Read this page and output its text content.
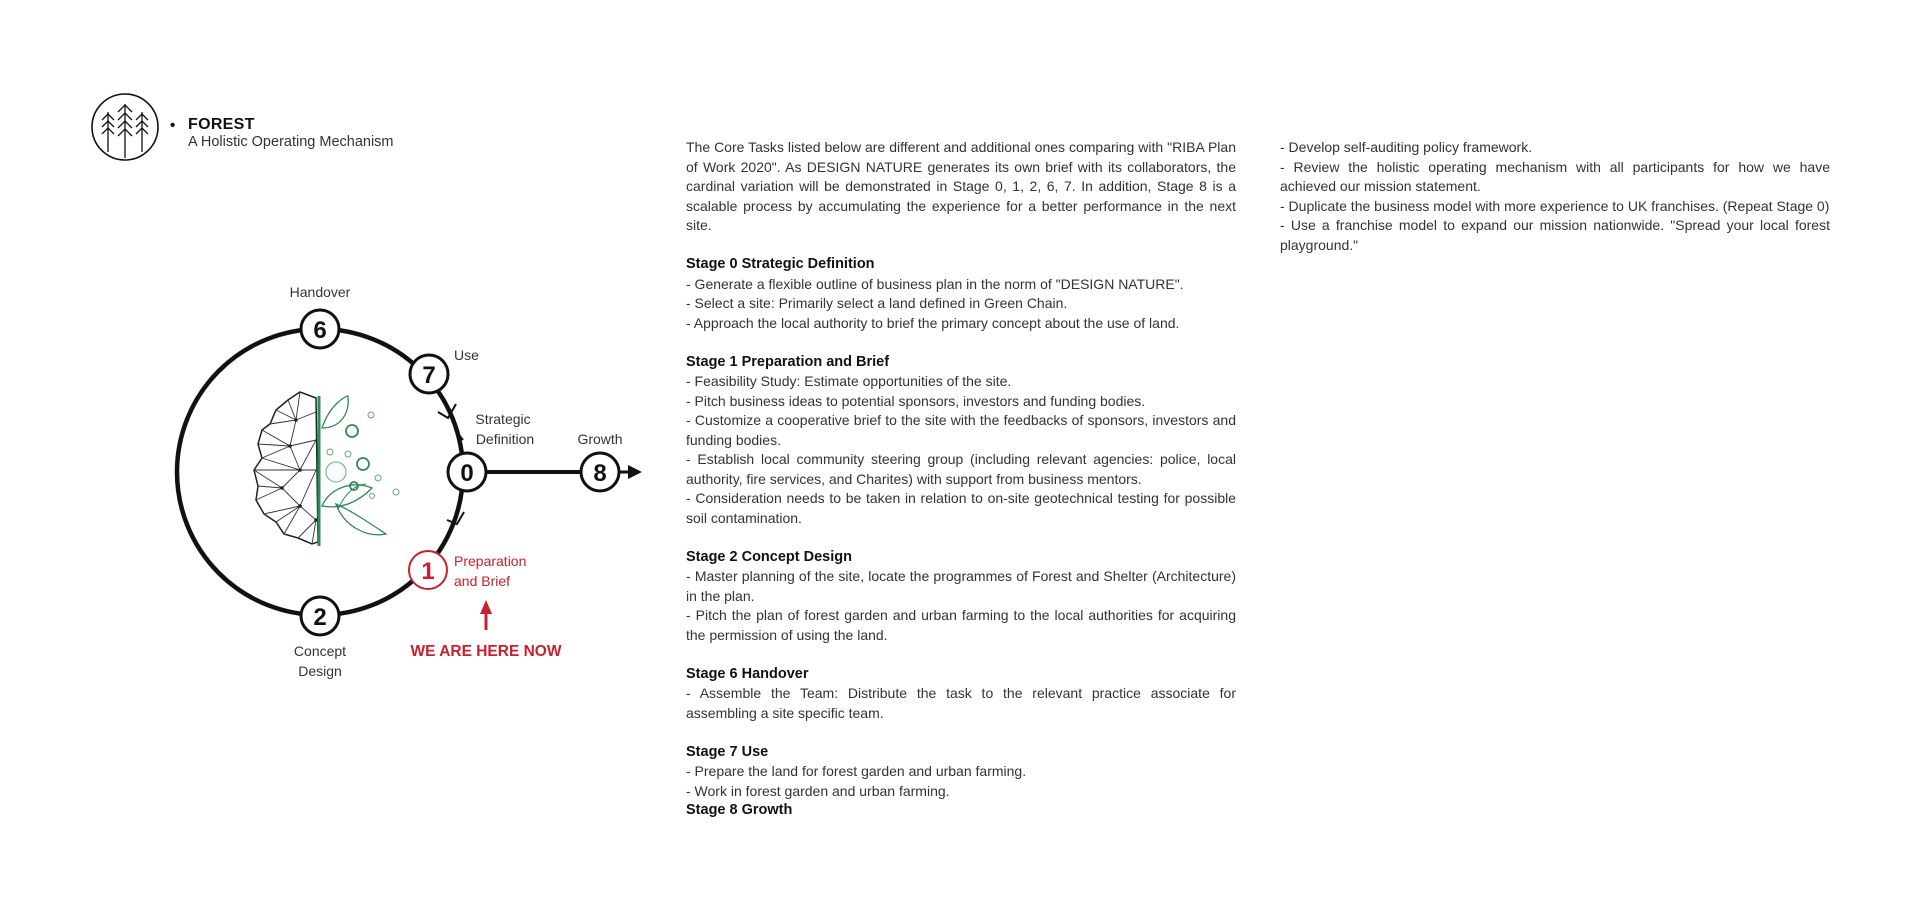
• FOREST
A Holistic Operating Mechanism
6
Handover
7
Use
0
Strategic
Definition
8
Growth
1 Preparation
and Brief
2
Concept
Design
WE ARE HERE NOW

The Core Tasks listed below are different and additional ones comparing with "RIBA Plan of Work 2020". As DESIGN NATURE generates its own brief with its collaborators, the cardinal variation will be demonstrated in Stage 0, 1, 2, 6, 7. In addition, Stage 8 is a scalable process by accumulating the experience for a better performance in the next site.

Stage 0 Strategic Definition
- Generate a flexible outline of business plan in the norm of "DESIGN NATURE".
- Select a site: Primarily select a land defined in Green Chain.
- Approach the local authority to brief the primary concept about the use of land.
Stage 1 Preparation and Brief
- Feasibility Study: Estimate opportunities of the site.
- Pitch business ideas to potential sponsors, investors and funding bodies.
- Customize a cooperative brief to the site with the feedbacks of sponsors, investors and funding bodies.
- Establish local community steering group (including relevant agencies: police, local authority, fire services, and Charites) with support from business mentors.
- Consideration needs to be taken in relation to on-site geotechnical testing for possible soil contamination.
Stage 2 Concept Design
- Master planning of the site, locate the programmes of Forest and Shelter (Architecture) in the plan.
- Pitch the plan of forest garden and urban farming to the local authorities for acquiring the permission of using the land.
Stage 6 Handover
- Assemble the Team: Distribute the task to the relevant practice associate for assembling a site specific team.
Stage 7 Use
- Prepare the land for forest garden and urban farming.
- Work in forest garden and urban farming.
Stage 8 Growth
- Develop self-auditing policy framework.
- Review the holistic operating mechanism with all participants for how we have achieved our mission statement.
- Duplicate the business model with more experience to UK franchises. (Repeat Stage 0)
- Use a franchise model to expand our mission nationwide. "Spread your local forest playground."
